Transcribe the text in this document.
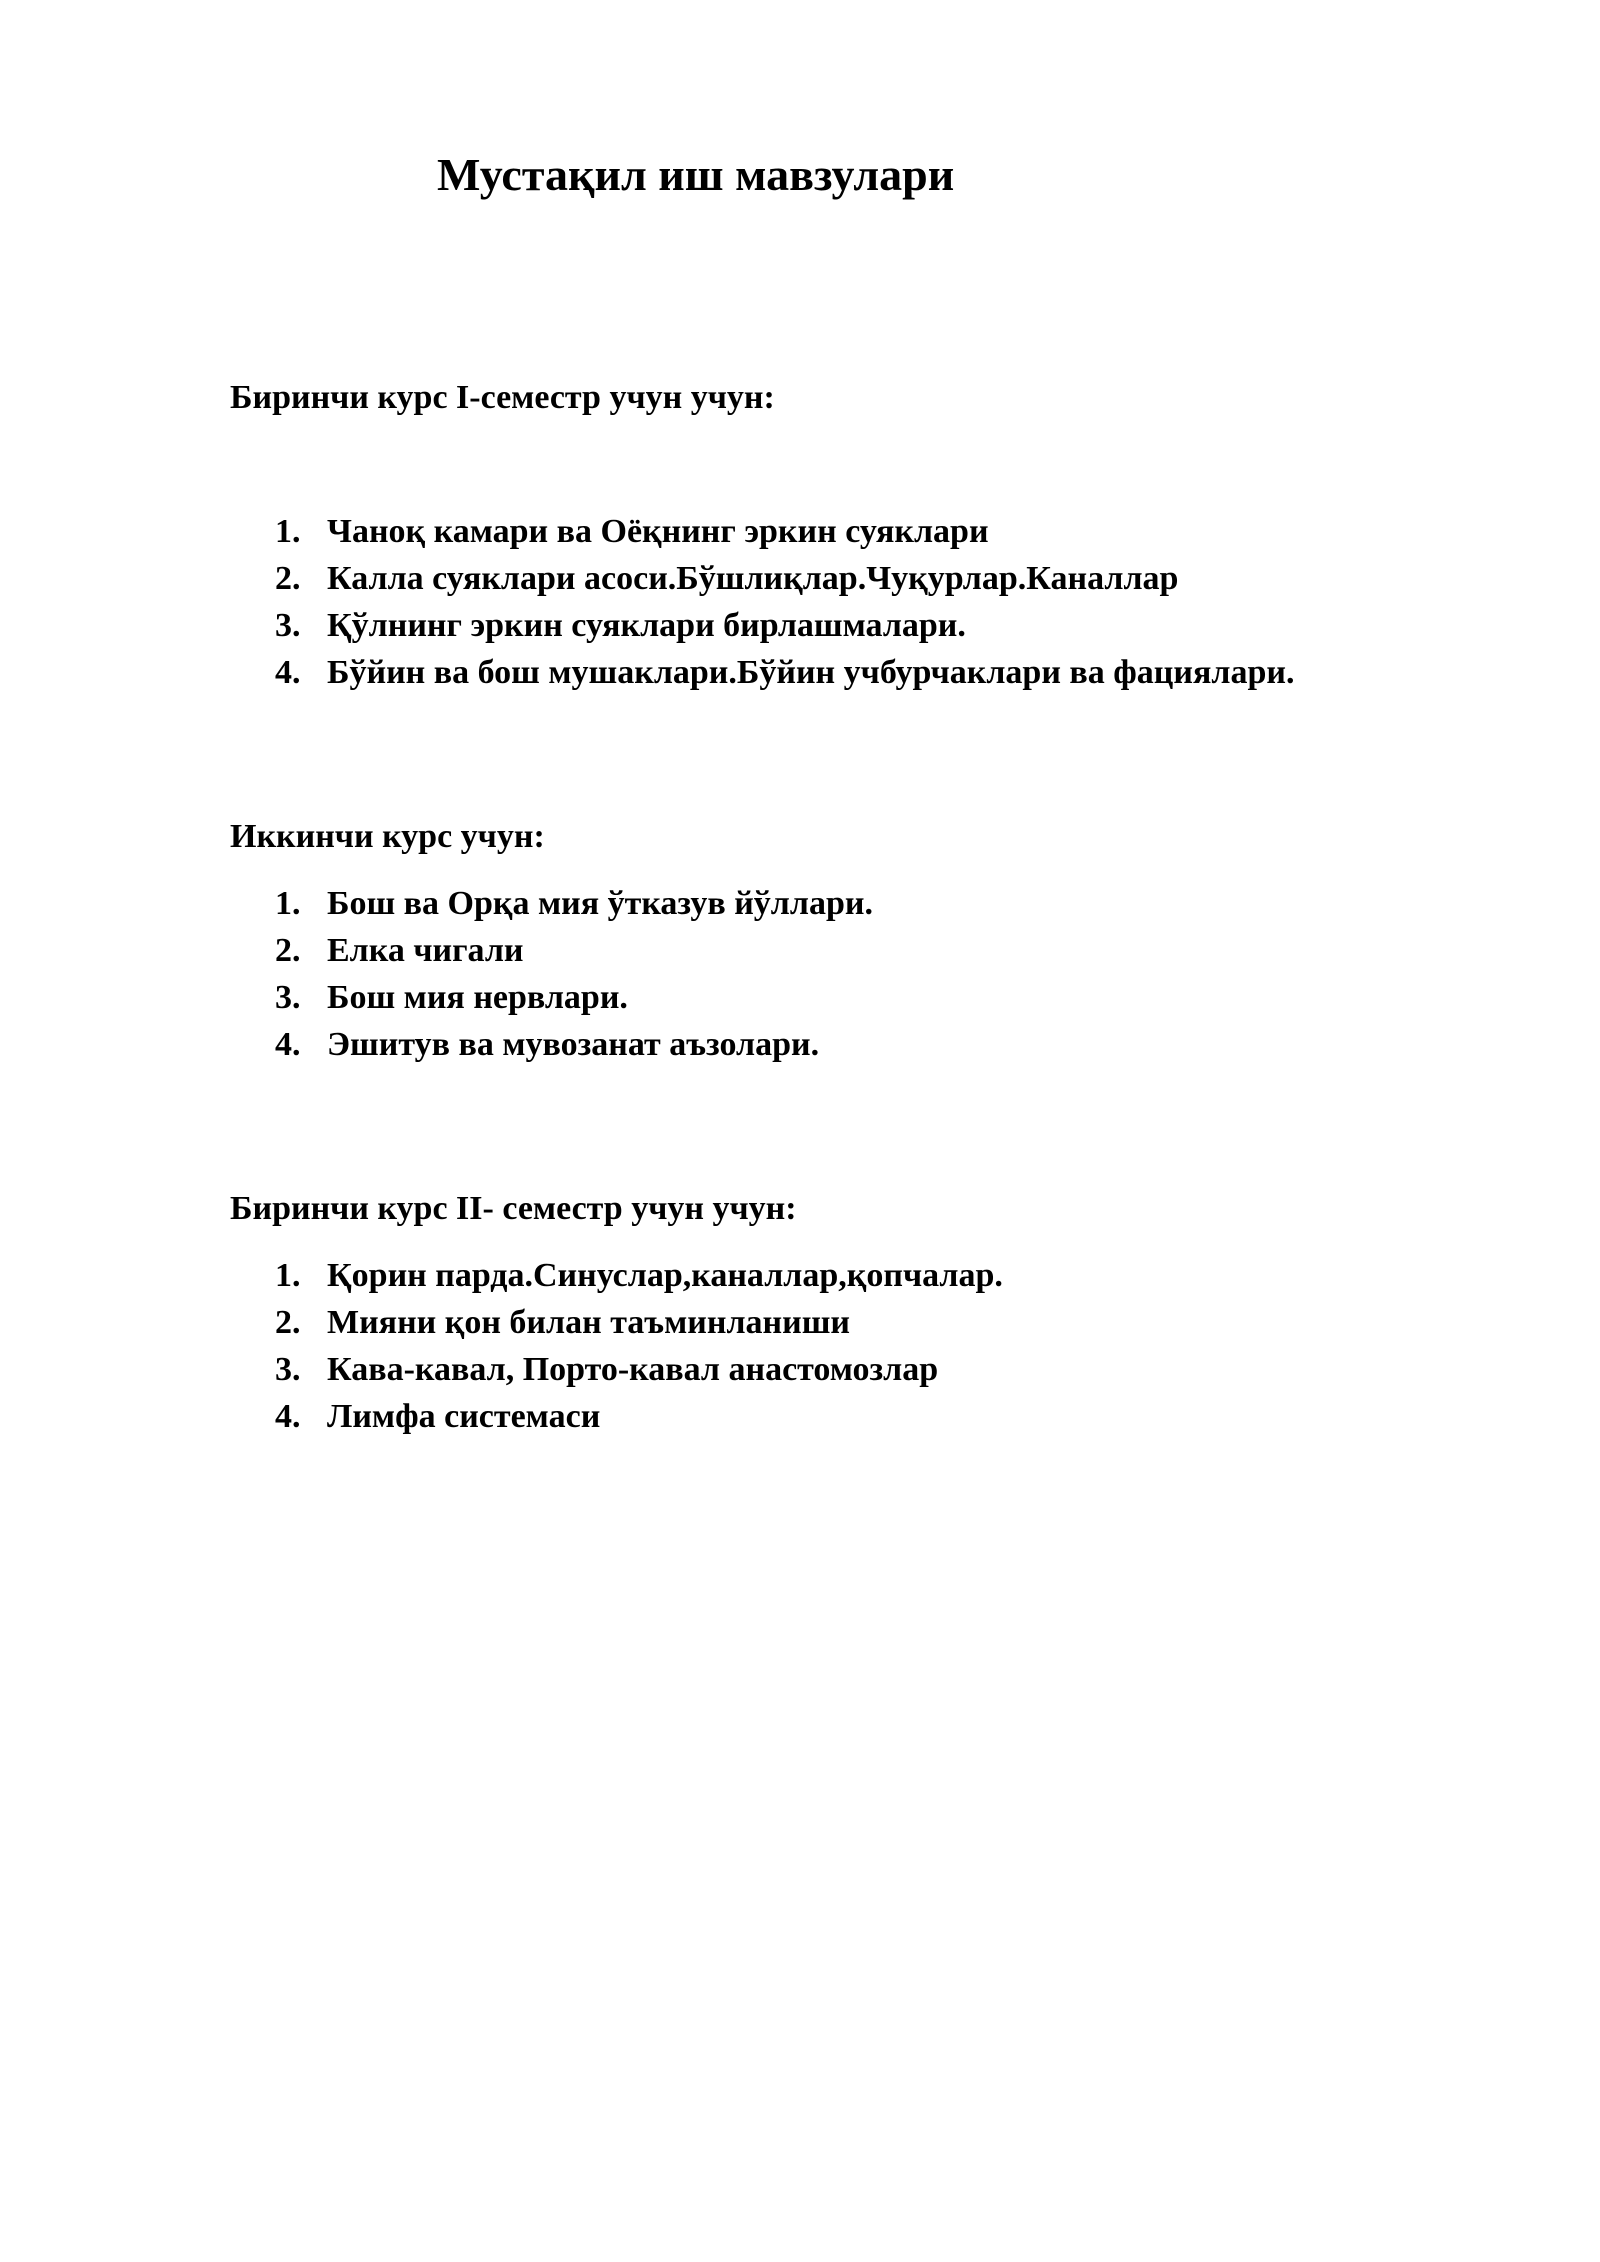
Мустақил иш мавзулари
Биринчи курс I-семестр учун учун:
1. Чаноқ камари ва Оёқнинг эркин суяклари
2. Калла суяклари асоси.Бўшлиқлар.Чуқурлар.Каналлар
3. Қўлнинг эркин суяклари бирлашмалари.
4. Бўйин ва бош мушаклари.Бўйин учбурчаклари ва фациялари.
Иккинчи курс учун:
1. Бош ва Орқа мия ўтказув йўллари.
2. Елка чигали
3. Бош мия нервлари.
4. Эшитув ва мувозанат аъзолари.
Биринчи курс II- семестр учун учун:
1. Қорин парда.Синуслар,каналлар,қопчалар.
2. Мияни қон билан таъминланиши
3. Кава-кавал, Порто-кавал анастомозлар
4. Лимфа системаси
